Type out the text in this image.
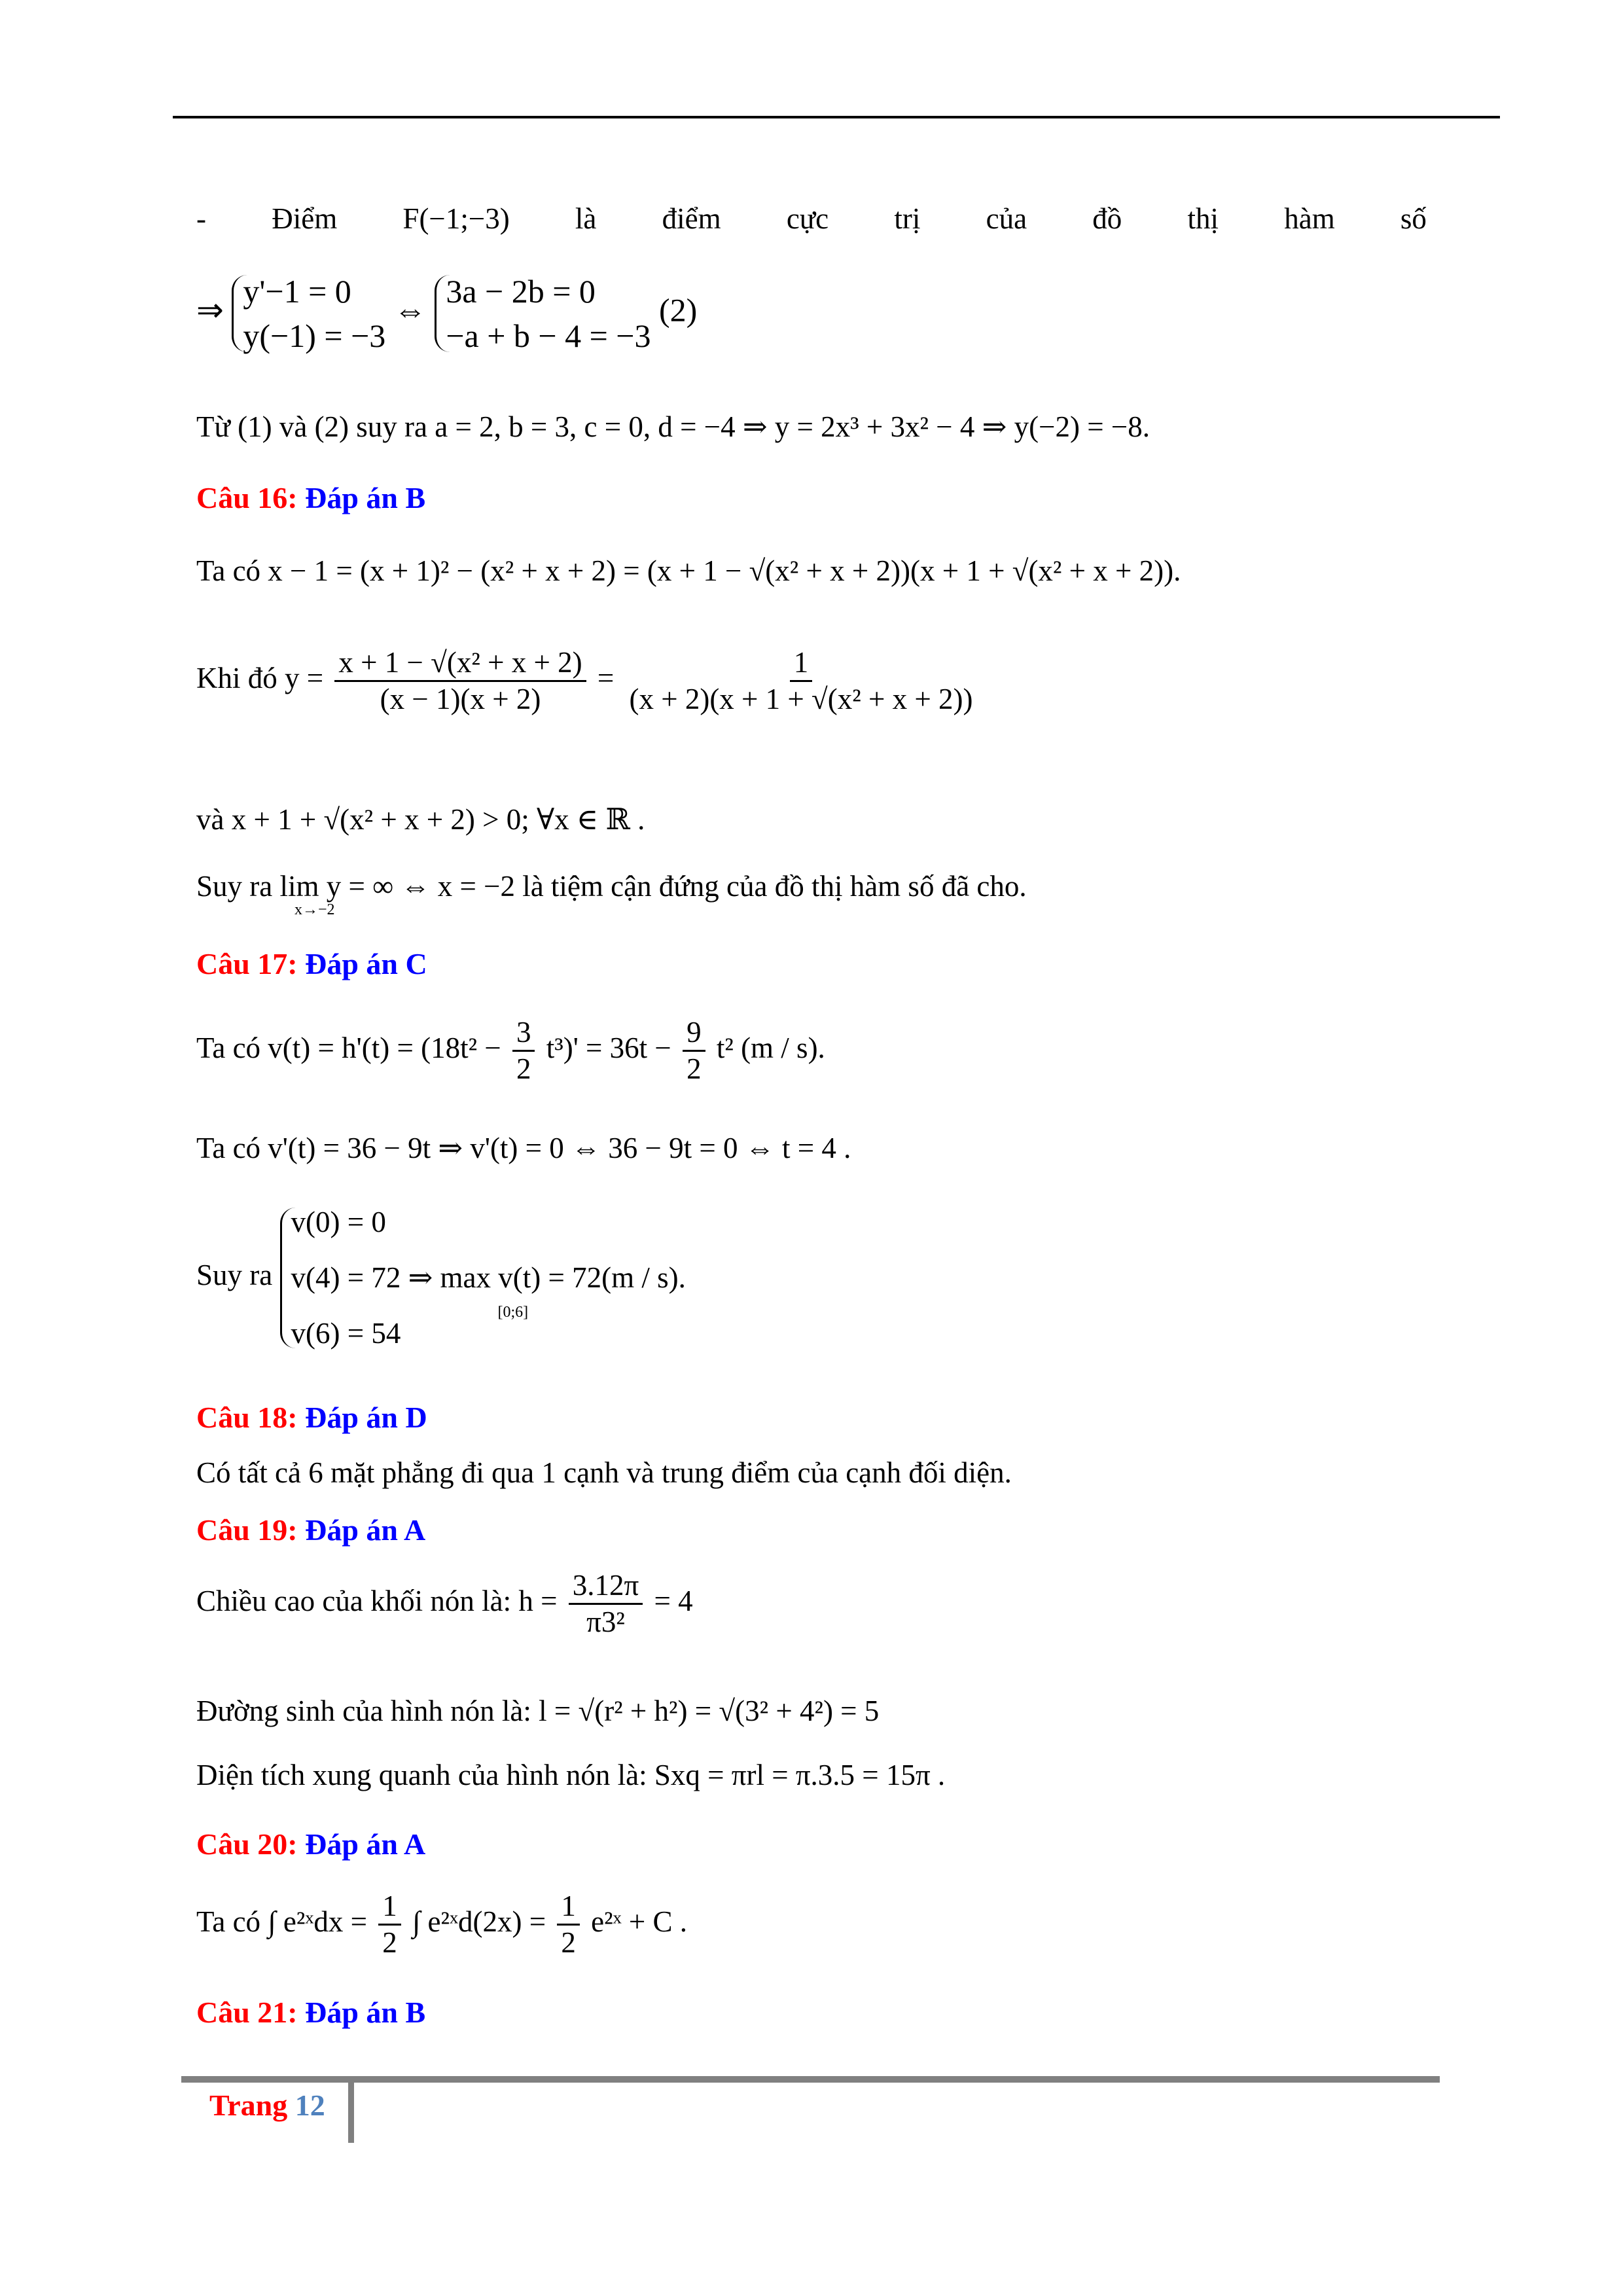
- Điểm F(−1;−3) là điểm cực trị của đồ thị hàm số
⇒
y'−1 = 0
y(−1) = −3
⇔
3a − 2b = 0
−a + b − 4 = −3
(2)
Từ (1) và (2) suy ra a = 2, b = 3, c = 0, d = −4 ⇒ y = 2x³ + 3x² − 4 ⇒ y(−2) = −8.
Câu 16: Đáp án B
Ta có x − 1 = (x + 1)² − (x² + x + 2) = (x + 1 − √(x² + x + 2))(x + 1 + √(x² + x + 2)).
Khi đó $y = \frac{\text{x + 1 − √(x² + x + 2)}}{(x - 1)(x + 2)} = \frac{1}{\text{(x + 2)(x + 1 + √(x² + x + 2))}}$
và x + 1 + √(x² + x + 2) > 0; ∀x ∈ ℝ .
Suy ra lim y = ∞ ⇔ x = −2 là tiệm cận đứng của đồ thị hàm số đã cho.
x→−2
Câu 17: Đáp án C
Ta có $v(t) = h'(t) = (18t^2 - \frac{3}{2} t^3)' = 36t - \frac{9}{2} t^2$ (m / s).
Ta có v'(t) = 36 − 9t ⇒ v'(t) = 0 ⇔ 36 − 9t = 0 ⇔ t = 4 .
Suy ra
v(0) = 0
v(4) = 72 ⇒ max v(t) = 72(m / s).
v(6) = 54
[0;6]
Câu 18: Đáp án D
Có tất cả 6 mặt phẳng đi qua 1 cạnh và trung điểm của cạnh đối diện.
Câu 19: Đáp án A
Chiều cao của khối nón là: $h = \frac{3.12\pi}{\text{π3²}} = 4$
Đường sinh của hình nón là: l = √(r² + h²) = √(3² + 4²) = 5
Diện tích xung quanh của hình nón là: Sxq = πrl = π.3.5 = 15π .
Câu 20: Đáp án A
Ta có ∫ e²ˣdx = $\frac{1}{2}$ ∫ e²ˣd(2x) = $\frac{1}{2}$ e²ˣ + C .
Câu 21: Đáp án B
Trang 12
